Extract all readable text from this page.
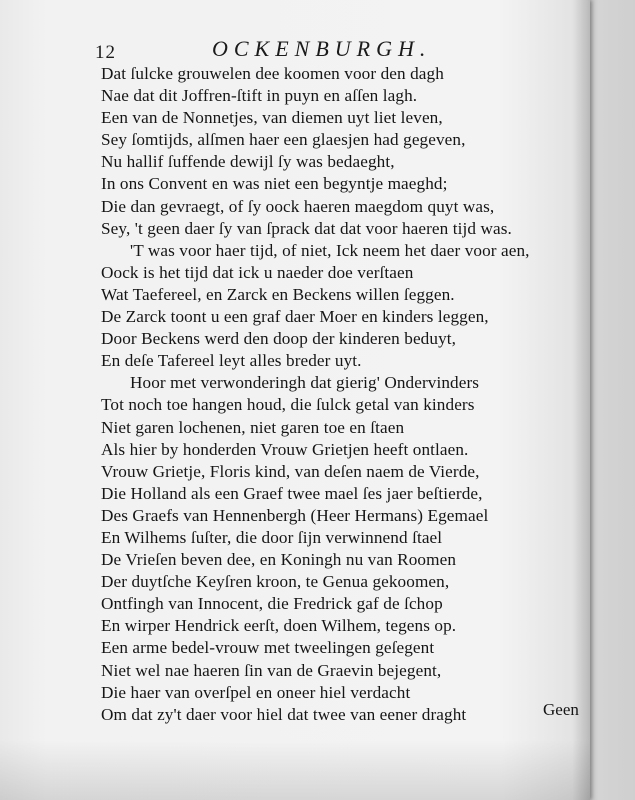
12	OCKENBURGH.
Dat ſulcke grouwelen dee koomen voor den dagh
Nae dat dit Joffren-ſtift in puyn en aſſen lagh.
Een van de Nonnetjes, van diemen uyt liet leven,
Sey ſomtijds, alſmen haer een glaesjen had gegeven,
Nu hallif ſuffende dewijl ſy was bedaeght,
In ons Convent en was niet een begyntje maeghd;
Die dan gevraegt, of ſy oock haeren maegdom quyt was,
Sey, 't geen daer ſy van ſprack dat dat voor haeren tijd was.
'T was voor haer tijd, of niet, Ick neem het daer voor aen,
Oock is het tijd dat ick u naeder doe verſtaen
Wat Taefereel, en Zarck en Beckens willen ſeggen.
De Zarck toont u een graf daer Moer en kinders leggen,
Door Beckens werd den doop der kinderen beduyt,
En deſe Tafereel leyt alles breder uyt.
Hoor met verwonderingh dat gierig' Ondervinders
Tot noch toe hangen houd, die ſulck getal van kinders
Niet garen lochenen, niet garen toe en ſtaen
Als hier by honderden Vrouw Grietjen heeft ontlaen.
Vrouw Grietje, Floris kind, van deſen naem de Vierde,
Die Holland als een Graef twee mael ſes jaer beſtierde,
Des Graefs van Hennenbergh (Heer Hermans) Egemael
En Wilhems ſuſter, die door ſijn verwinnend ſtael
De Vrieſen beven dee, en Koningh nu van Roomen
Der duytſche Keyſren kroon, te Genua gekoomen,
Ontfingh van Innocent, die Fredrick gaf de ſchop
En wirper Hendrick eerſt, doen Wilhem, tegens op.
Een arme bedel-vrouw met tweelingen geſegent
Niet wel nae haeren ſin van de Graevin bejegent,
Die haer van overſpel en oneer hiel verdacht
Om dat zy't daer voor hiel dat twee van eener draght	Geen
